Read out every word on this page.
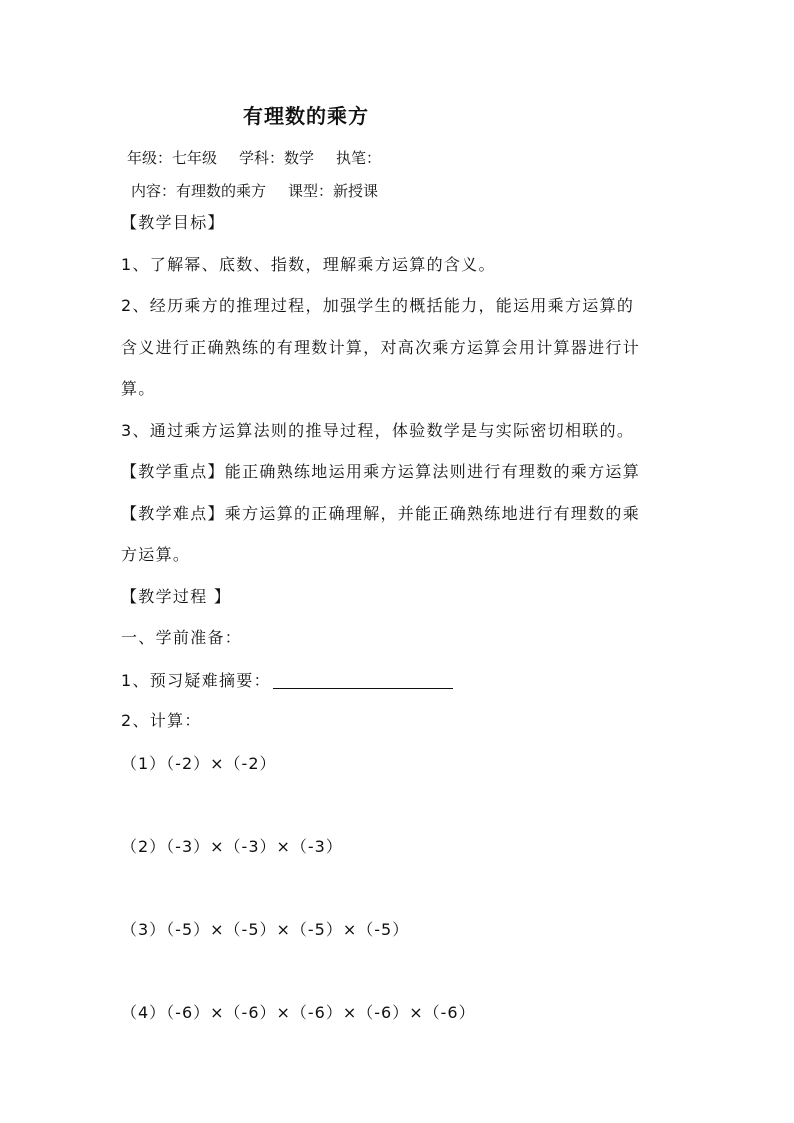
有理数的乘方
年级：七年级 学科：数学 执笔：
内容：有理数的乘方 课型：新授课
【教学目标】
1、了解幂、底数、指数，理解乘方运算的含义。
2、经历乘方的推理过程，加强学生的概括能力，能运用乘方运算的
含义进行正确熟练的有理数计算，对高次乘方运算会用计算器进行计
算。
3、通过乘方运算法则的推导过程，体验数学是与实际密切相联的。
【教学重点】能正确熟练地运用乘方运算法则进行有理数的乘方运算
【教学难点】乘方运算的正确理解，并能正确熟练地进行有理数的乘
方运算。
【教学过程 】
一、学前准备：
1、预习疑难摘要：
2、计算：
（1）（-2）×（-2）
（2）（-3）×（-3）×（-3）
（3）（-5）×（-5）×（-5）×（-5）
（4）（-6）×（-6）×（-6）×（-6）×（-6）
